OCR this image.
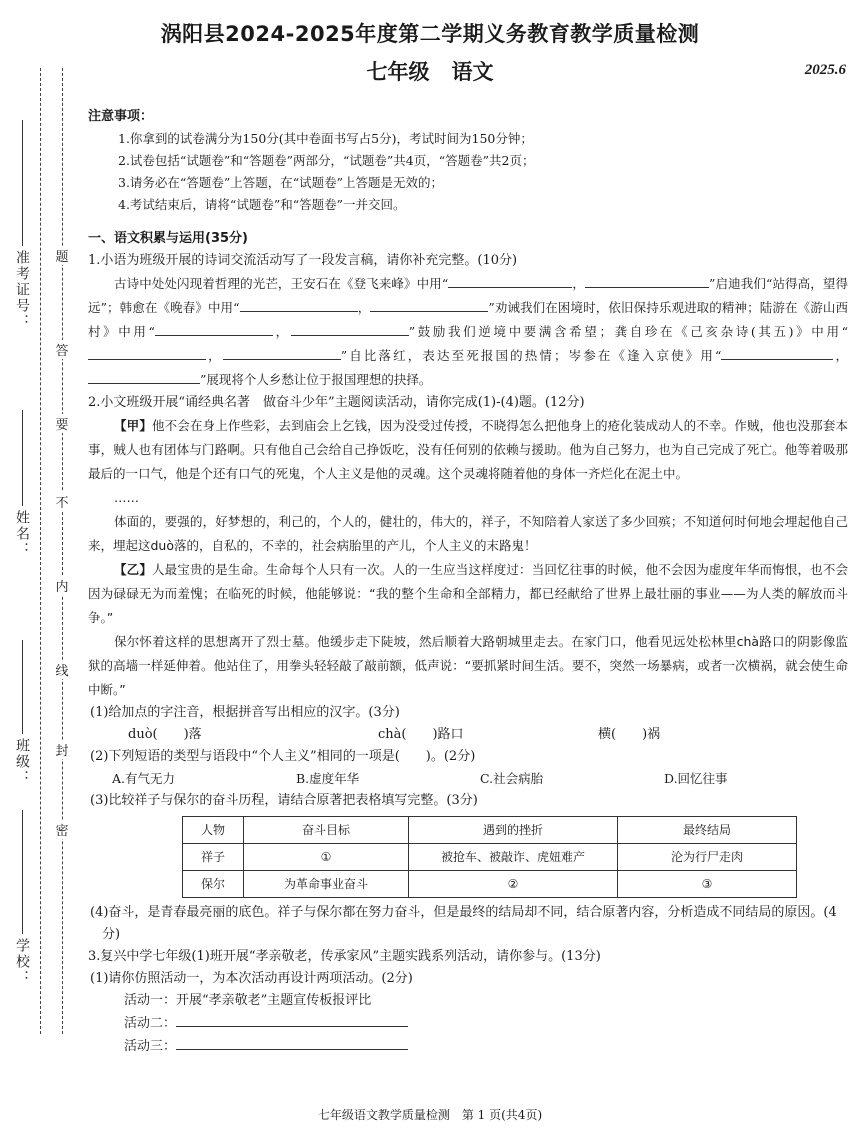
涡阳县2024-2025年度第二学期义务教育教学质量检测
七年级 语文	2025.6
准考证号：
姓名：
班级：
学校：
题
答
要
不
内
线
封
密
注意事项：
1.你拿到的试卷满分为150分(其中卷面书写占5分)，考试时间为150分钟；
2.试卷包括“试题卷”和“答题卷”两部分，“试题卷”共4页，“答题卷”共2页；
3.请务必在“答题卷”上答题，在“试题卷”上答题是无效的；
4.考试结束后，请将“试题卷”和“答题卷”一并交回。
一、语文积累与运用(35分)
1.小语为班级开展的诗词交流活动写了一段发言稿，请你补充完整。(10分)
古诗中处处闪现着哲理的光芒，王安石在《登飞来峰》中用“	，	”启迪我们“站得高，望得远”；韩愈在《晚春》中用“	，	”劝诫我们在困境时，依旧保持乐观进取的精神；陆游在《游山西村》中用“	，	”鼓励我们逆境中要满含希望；龚自珍在《己亥杂诗(其五)》中用“，	”自比落红，表达至死报国的热情；岑参在《逢入京使》用“	，”展现将个人乡愁让位于报国理想的抉择。
2.小文班级开展“诵经典名著　做奋斗少年”主题阅读活动，请你完成(1)-(4)题。(12分)
【甲】他不会在身上作些彩，去到庙会上乞钱，因为没受过传授，不晓得怎么把他身上的疮化装成动人的不幸。作贼，他也没那套本事，贼人也有团体与门路啊。只有他自己会给自己挣饭吃，没有任何别的依赖与援助。他为自己努力，也为自己完成了死亡。他等着吸那最后的一口气，他是个还有口气的死鬼，个人主义是他的灵魂。这个灵魂将随着他的身体一齐烂化在泥土中。
……
体面的，要强的，好梦想的，利己的，个人的，健壮的，伟大的，祥子，不知陪着人家送了多少回殡；不知道何时何地会埋起他自己来，埋起这duò落的，自私的，不幸的，社会病胎里的产儿，个人主义的末路鬼！
【乙】人最宝贵的是生命。生命每个人只有一次。人的一生应当这样度过：当回忆往事的时候，他不会因为虚度年华而悔恨，也不会因为碌碌无为而羞愧；在临死的时候，他能够说：“我的整个生命和全部精力，都已经献给了世界上最壮丽的事业——为人类的解放而斗争。”
保尔怀着这样的思想离开了烈士墓。他缓步走下陡坡，然后顺着大路朝城里走去。在家门口，他看见远处松林里chà路口的阴影像监狱的高墙一样延伸着。他站住了，用拳头轻轻敲了敲前额，低声说：“要抓紧时间生活。要不，突然一场暴病，或者一次横祸，就会使生命中断。”
(1)给加点的字注音，根据拼音写出相应的汉字。(3分)
duò(　　)落	chà(　　)路口	横(　　)祸
(2)下列短语的类型与语段中“个人主义”相同的一项是(　　)。(2分)
A.有气无力	B.虚度年华	C.社会病胎	D.回忆往事
(3)比较祥子与保尔的奋斗历程，请结合原著把表格填写完整。(3分)
人物	奋斗目标	遇到的挫折	最终结局
祥子	①	被抢车、被敲诈、虎妞难产	沦为行尸走肉
保尔	为革命事业奋斗	②	③
(4)奋斗，是青春最亮丽的底色。祥子与保尔都在努力奋斗，但是最终的结局却不同，结合原著内容，分析造成不同结局的原因。(4分)
3.复兴中学七年级(1)班开展“孝亲敬老，传承家风”主题实践系列活动，请你参与。(13分)
(1)请你仿照活动一，为本次活动再设计两项活动。(2分)
活动一：开展“孝亲敬老”主题宣传板报评比
活动二：
活动三：
七年级语文教学质量检测　第 1 页(共4页)
